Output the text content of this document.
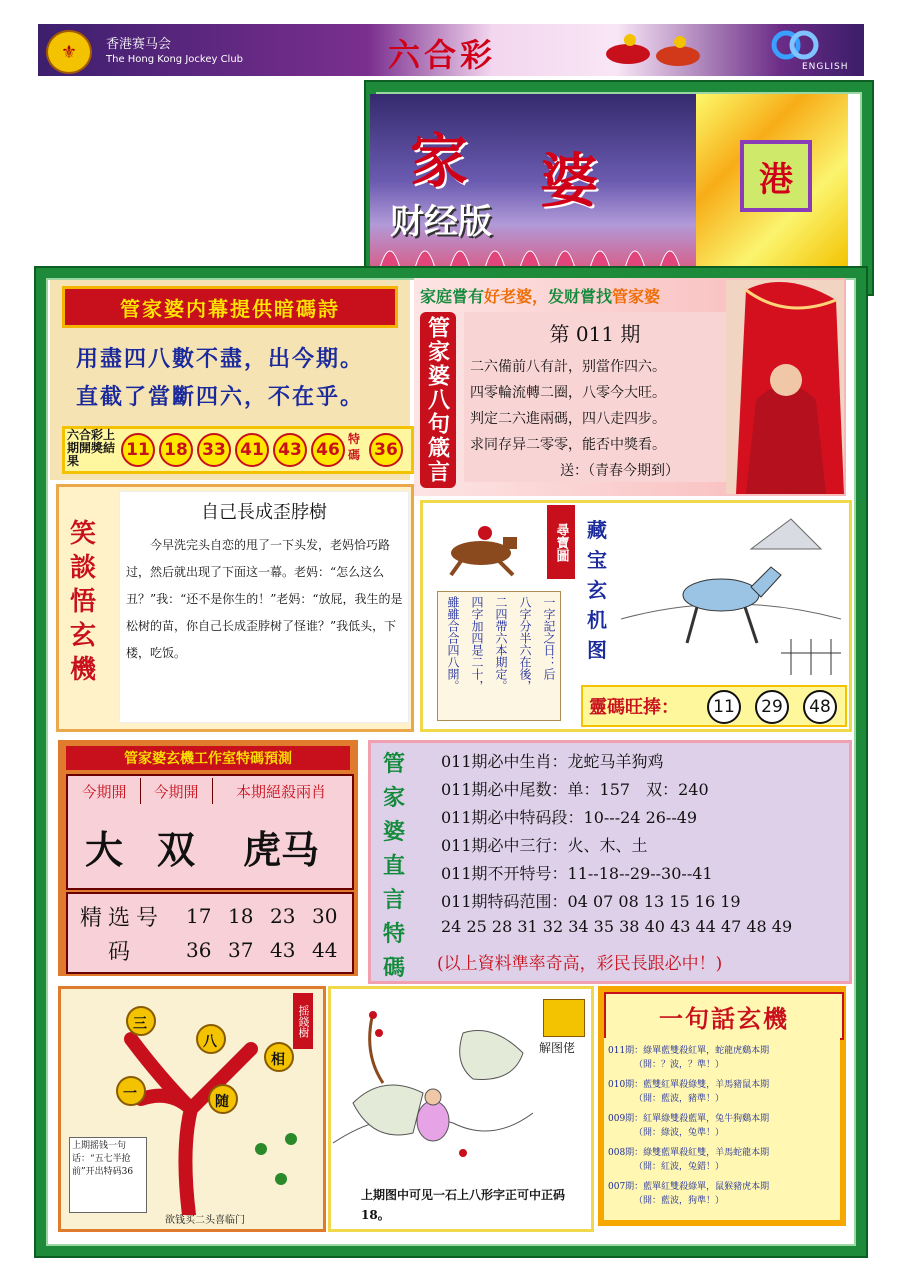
⚜	香港赛马会
The Hong Kong Jockey Club	六合彩	ENGLISH
家 婆
财经版
港
管家婆内幕提供暗碼詩
用盡四八數不盡，出今期。
直截了當斷四六，不在乎。
六合彩上期開獎結果
11 18 33 41 43 46
特碼 36
家庭嘗有好老婆，发财嘗找管家婆
管家婆八句箴言	第 011 期
二六備前八有計，别當作四六。
四零輪流轉二圈，八零今大旺。
判定二六進兩碼，四八走四步。
求同存异二零零，能否中獎看。
送：（青春今期到）
笑
談
悟
玄
機
自己長成歪脖樹
今早洗完头自恋的甩了一下头发，老妈恰巧路过，然后就出现了下面这一幕。老妈：“怎么这么丑？”我：“还不是你生的！”老妈：“放屁，我生的是松树的苗，你自己长成歪脖树了怪谁？”我低头，下楼，吃饭。
尋寶圖
一字記之日：后
八字分半六在後，
二四帶六本期定。
四字加四是二十，
雖雖合合四八開。
藏
宝
玄
机
图
靈碼旺捧：	11	29	48
管家婆玄機工作室特碼預測
今期開	今期開	本期絕殺兩肖
大 双	虎马
精选号码
17 18 23 30
36 37 43 44
管
家
婆
直
言
特
碼
011期必中生肖：龙蛇马羊狗鸡
011期必中尾数：单：157　双：240
011期必中特码段：10---24 26--49
011期必中三行：火、木、土
011期不开特号：11--18--29--30--41
011期特码范围：04 07 08 13 15 16 19
24 25 28 31 32 34 35 38 40 43 44 47 48 49
(以上資料準率奇高，彩民長跟必中！)
三
八
一
相
随
摇錢樹
上期摇钱一句话：“五七半抢前”开出特码36
欲钱买二头喜临门
解图佬
上期图中可见一石上八形字正可中正码18。
一句話玄機
011期：綠單藍雙殺紅單，蛇龍虎鷄本期
（開：？波，？準！）
010期：藍雙紅單殺綠雙，羊馬豬鼠本期
（開：藍波，豬準！）
009期：紅單綠雙殺藍單，兔牛狗鷄本期
（開：綠波，兔準！）
008期：綠雙藍單殺紅雙，羊馬蛇龍本期
（開：紅波，兔錯！）
007期：藍單紅雙殺綠單，鼠猴豬虎本期
（開：藍波，狗準！）
